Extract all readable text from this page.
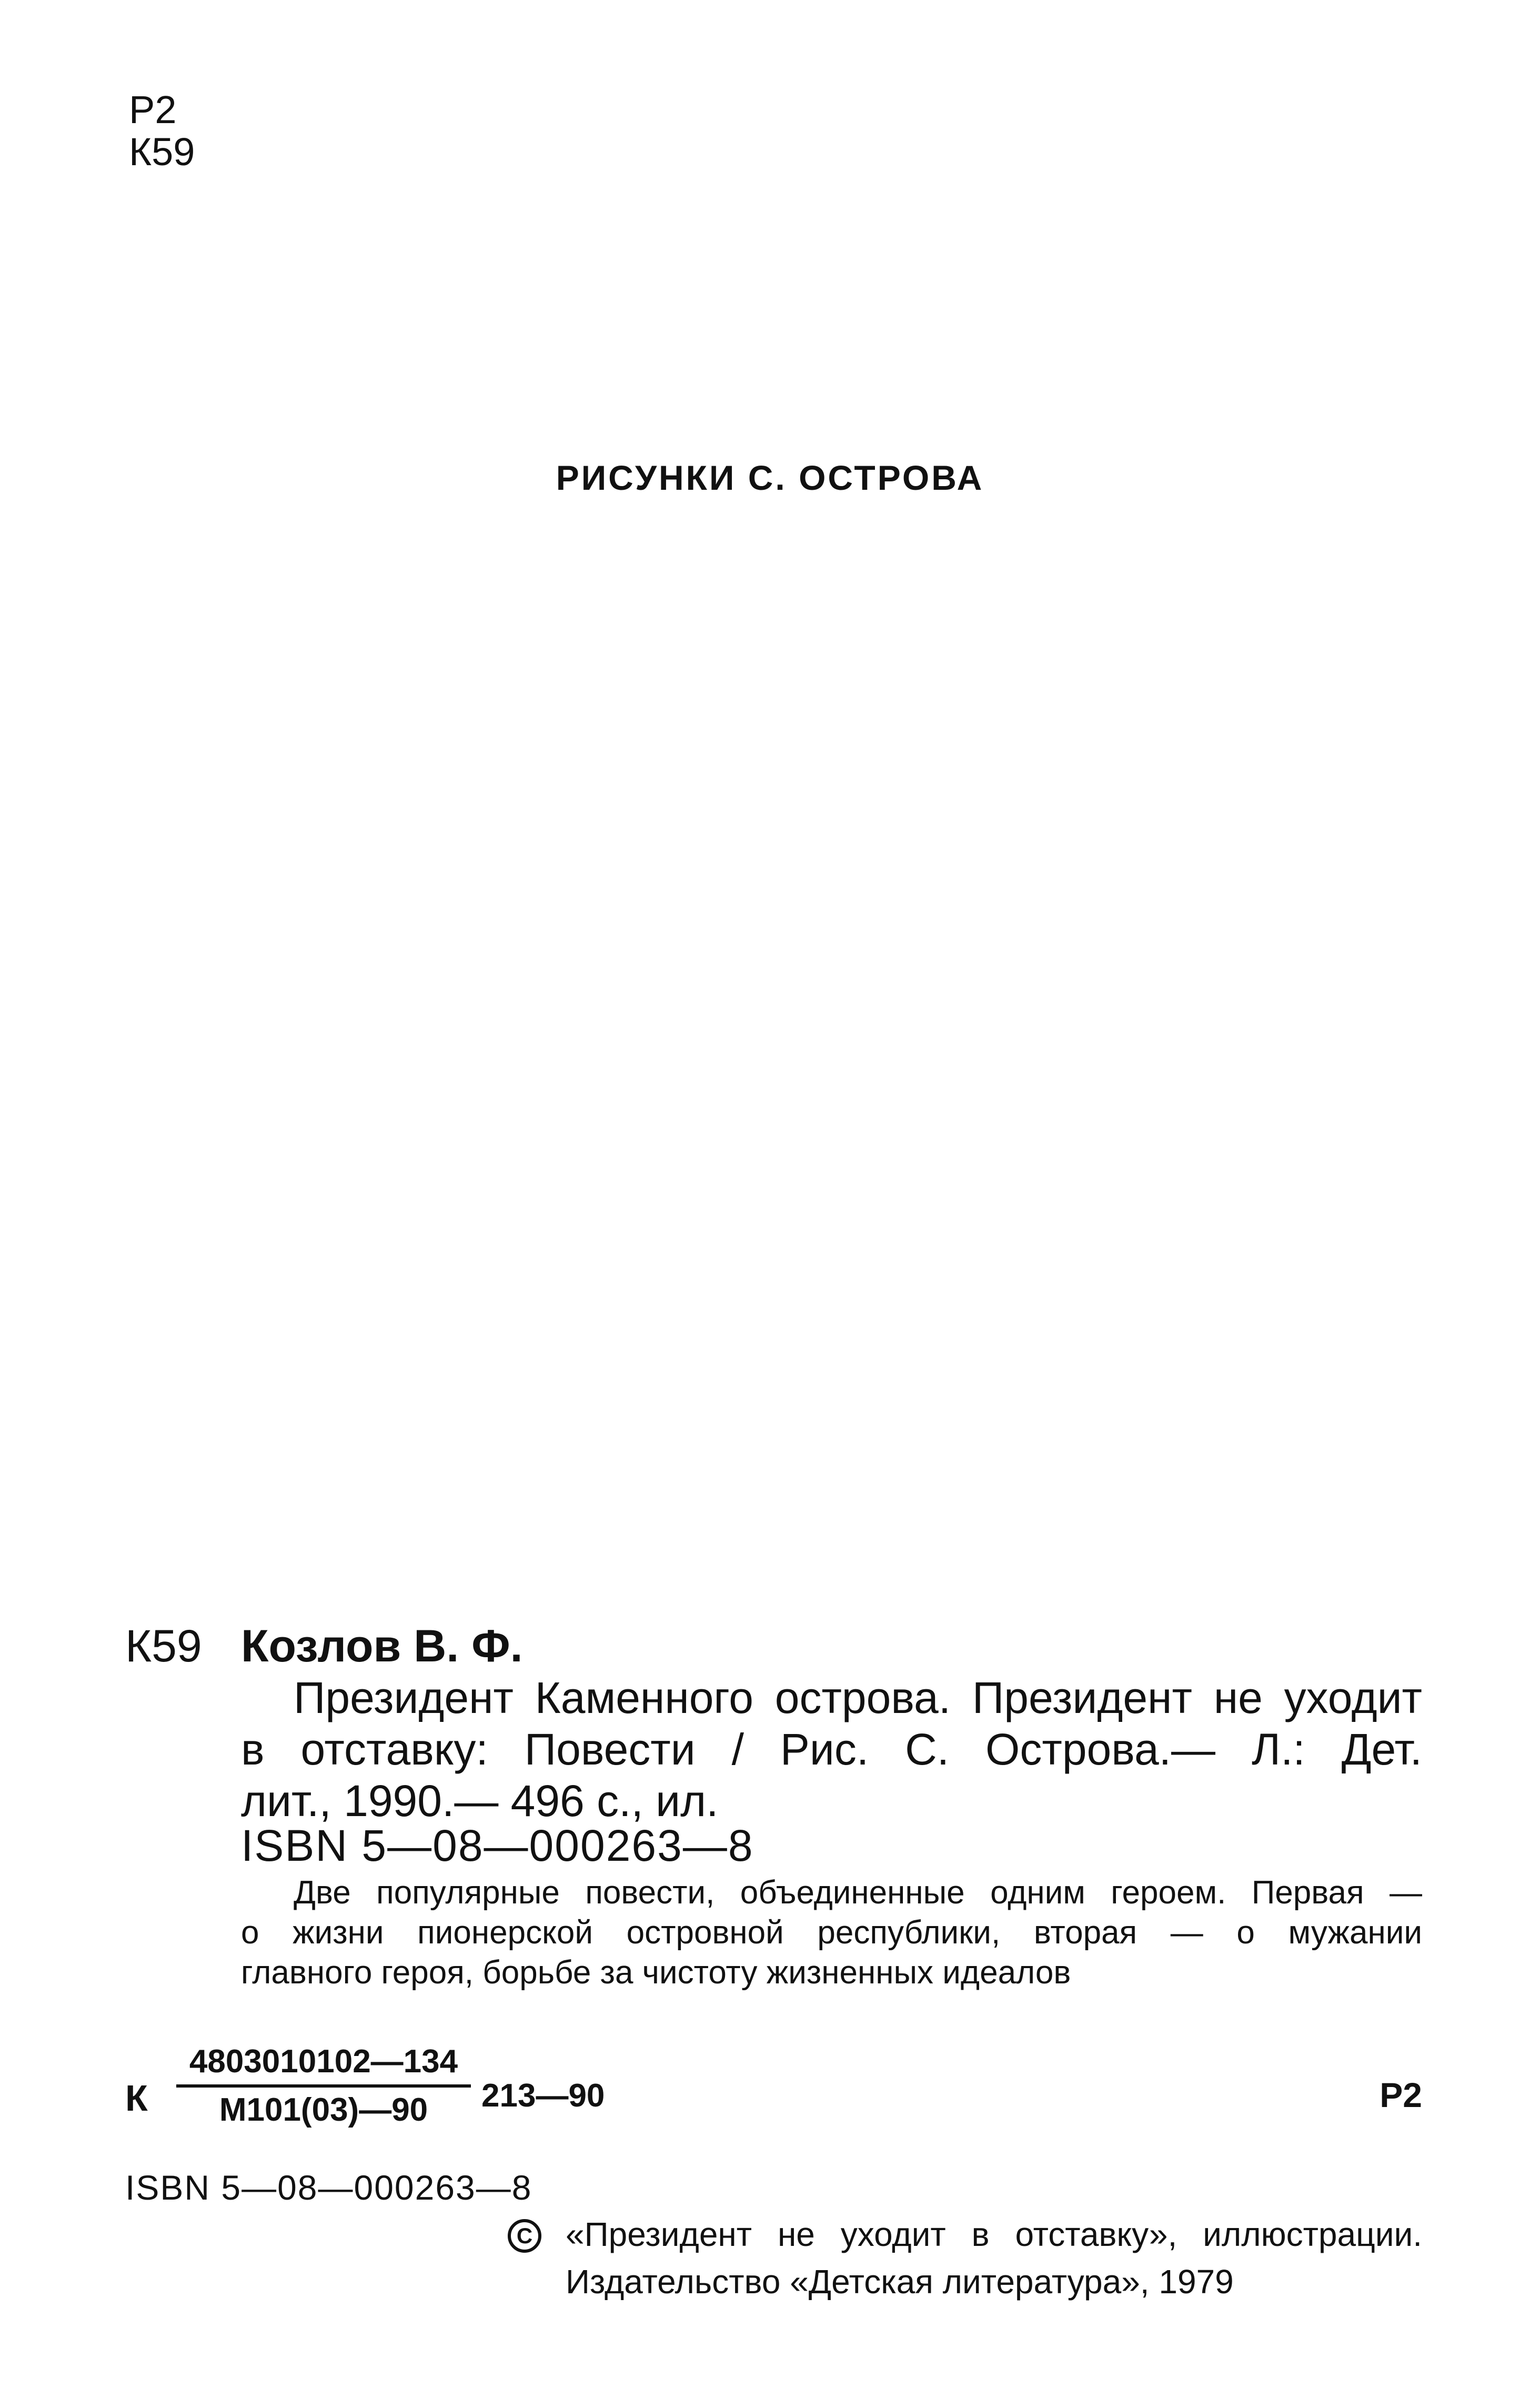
Р2
К59
РИСУНКИ С. ОСТРОВА
К59 Козлов В. Ф.
Президент Каменного острова. Президент не уходит
в отставку: Повести / Рис. С. Острова.— Л.: Дет.
лит., 1990.— 496 с., ил.
ISBN 5—08—000263—8
Две популярные повести, объединенные одним героем. Первая —
о жизни пионерской островной республики, вторая — о мужании
главного героя, борьбе за чистоту жизненных идеалов
К
4803010102—134
М101(03)—90	213—90	Р2
ISBN 5—08—000263—8
C «Президент не уходит в отставку», иллюстрации.
Издательство «Детская литература», 1979
